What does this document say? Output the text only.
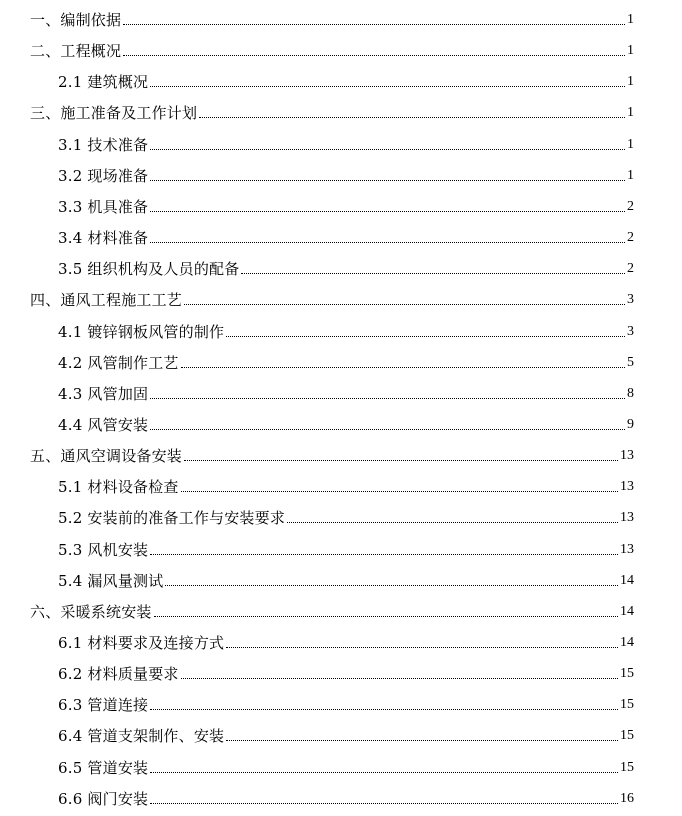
一、编制依据	1
二、工程概况	1
2.1 建筑概况	1
三、施工准备及工作计划	1
3.1 技术准备	1
3.2 现场准备	1
3.3 机具准备	2
3.4 材料准备	2
3.5 组织机构及人员的配备	2
四、通风工程施工工艺	3
4.1 镀锌钢板风管的制作	3
4.2 风管制作工艺	5
4.3 风管加固	8
4.4 风管安装	9
五、通风空调设备安装	13
5.1 材料设备检查	13
5.2 安装前的准备工作与安装要求	13
5.3 风机安装	13
5.4 漏风量测试	14
六、采暖系统安装	14
6.1 材料要求及连接方式	14
6.2 材料质量要求	15
6.3 管道连接	15
6.4 管道支架制作、安装	15
6.5 管道安装	15
6.6 阀门安装	16
